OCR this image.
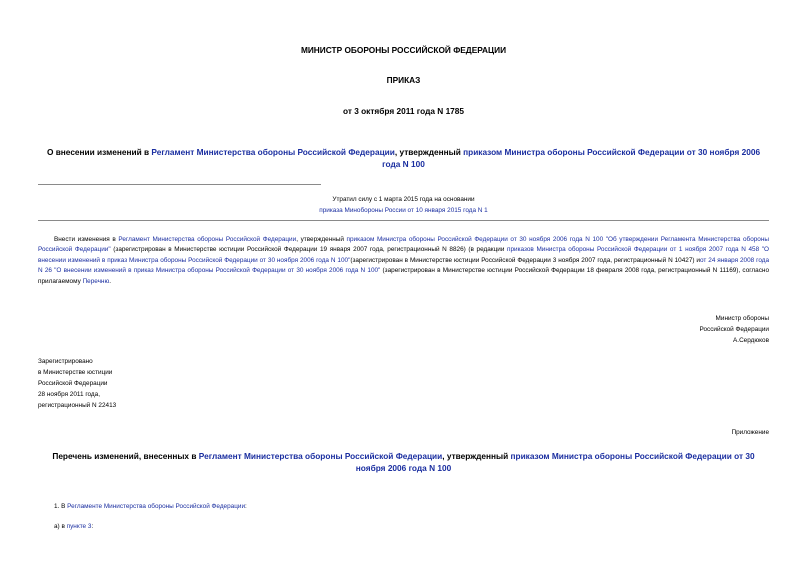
МИНИСТР ОБОРОНЫ РОССИЙСКОЙ ФЕДЕРАЦИИ
ПРИКАЗ
от 3 октября 2011 года N 1785
О внесении изменений в Регламент Министерства обороны Российской Федерации, утвержденный приказом Министра обороны Российской Федерации от 30 ноября 2006 года N 100
Утратил силу с 1 марта 2015 года на основании
приказа Минобороны России от 10 января 2015 года N 1
Внести изменения в Регламент Министерства обороны Российской Федерации, утвержденный приказом Министра обороны Российской Федерации от 30 ноября 2006 года N 100 "Об утверждении Регламента Министерства обороны Российской Федерации" (зарегистрирован в Министерстве юстиции Российской Федерации 19 января 2007 года, регистрационный N 8826) (в редакции приказов Министра обороны Российской Федерации от 1 ноября 2007 года N 458 "О внесении изменений в приказ Министра обороны Российской Федерации от 30 ноября 2006 года N 100"(зарегистрирован в Министерстве юстиции Российской Федерации 3 ноября 2007 года, регистрационный N 10427) иот 24 января 2008 года N 26 "О внесении изменений в приказ Министра обороны Российской Федерации от 30 ноября 2006 года N 100" (зарегистрирован в Министерстве юстиции Российской Федерации 18 февраля 2008 года, регистрационный N 11169), согласно прилагаемому Перечню.
Министр обороны
Российской Федерации
А.Сердюков
Зарегистрировано
в Министерстве юстиции
Российской Федерации
28 ноября 2011 года,
регистрационный N 22413
Приложение
Перечень изменений, внесенных в Регламент Министерства обороны Российской Федерации, утвержденный приказом Министра обороны Российской Федерации от 30 ноября 2006 года N 100
1. В Регламенте Министерства обороны Российской Федерации:
а) в пункте 3:
